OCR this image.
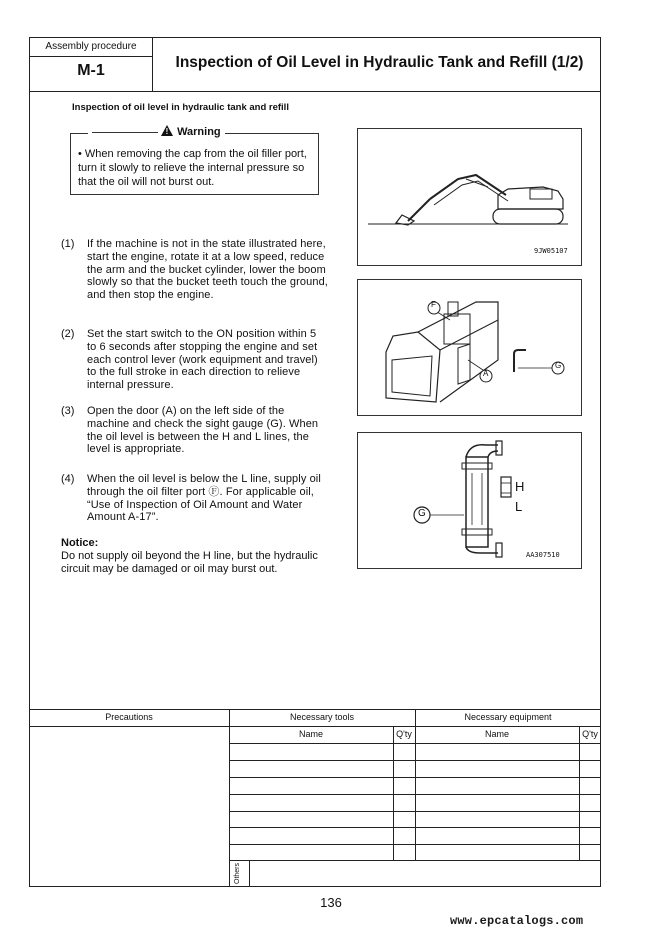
Assembly procedure
M-1	Inspection of Oil Level in Hydraulic Tank and Refill (1/2)
Inspection of oil level in hydraulic tank and refill
!Warning
• When removing the cap from the oil filler port, turn it slowly to relieve the internal pressure so that the oil will not burst out.
(1) If the machine is not in the state illustrated here, start the engine, rotate it at a low speed, reduce the arm and the bucket cylinder, lower the boom slowly so that the bucket teeth touch the ground, and then stop the engine.
(2) Set the start switch to the ON position within 5 to 6 seconds after stopping the engine and set each control lever (work equipment and travel) to the full stroke in each direction to relieve internal pressure.
(3) Open the door (A) on the left side of the machine and check the sight gauge (G). When the oil level is between the H and L lines, the level is appropriate.
(4) When the oil level is below the L line, supply oil through the oil filter port Ⓕ. For applicable oil, “Use of Inspection of Oil Amount and Water Amount A-17”.
Notice:
Do not supply oil beyond the H line, but the hydraulic circuit may be damaged or oil may burst out.
9JW05107
F
A
G
G
H
L
AA307510
Precautions	Necessary tools	Necessary equipment
Name	Q'ty	Name	Q'ty
Others
136
www.epcatalogs.com
